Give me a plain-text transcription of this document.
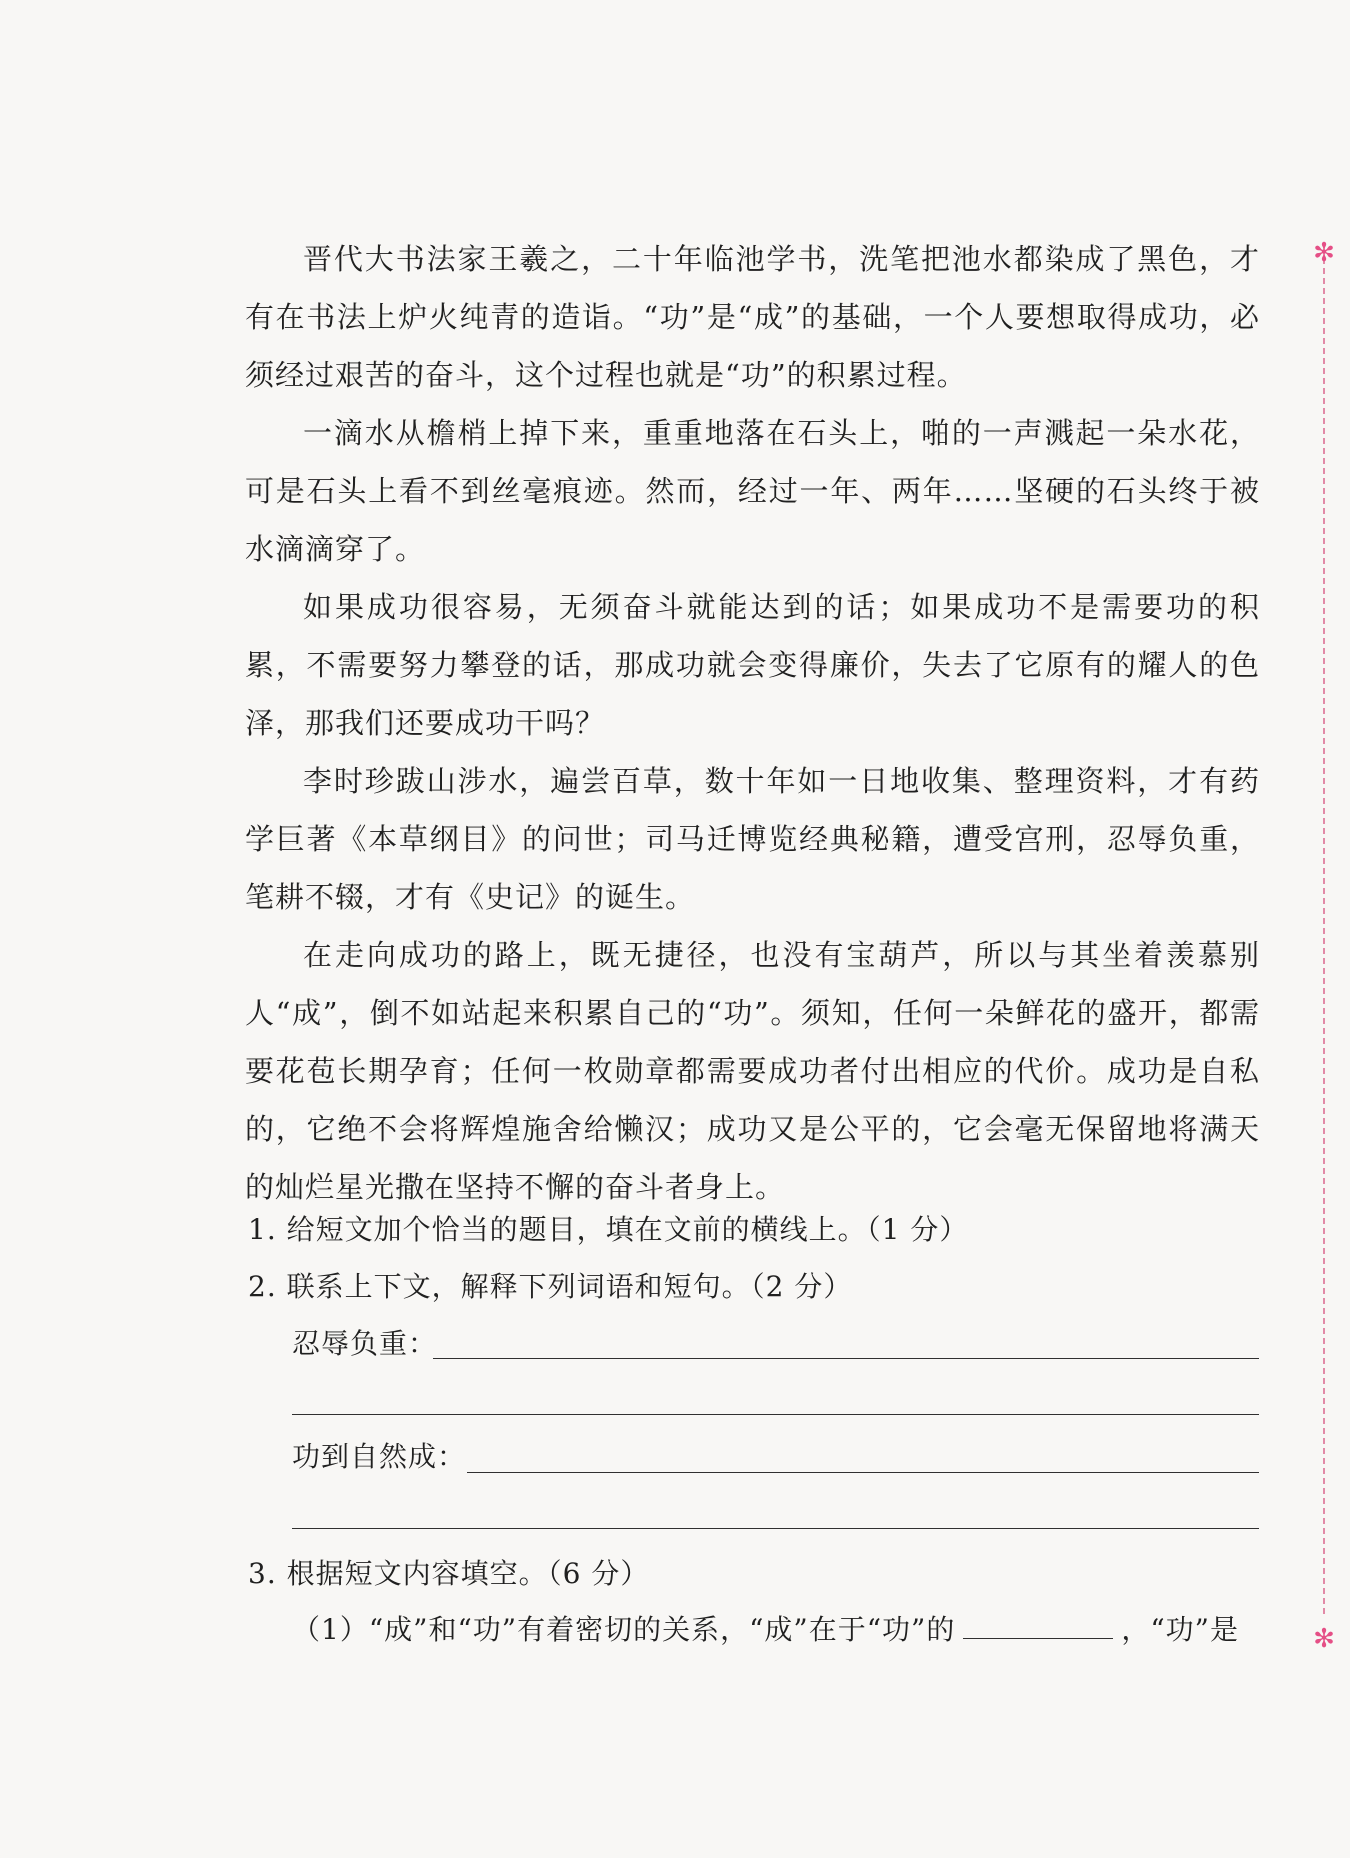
晋代大书法家王羲之，二十年临池学书，洗笔把池水都染成了黑色，才有在书法上炉火纯青的造诣。“功”是“成”的基础，一个人要想取得成功，必须经过艰苦的奋斗，这个过程也就是“功”的积累过程。

一滴水从檐梢上掉下来，重重地落在石头上，啪的一声溅起一朵水花，可是石头上看不到丝毫痕迹。然而，经过一年、两年……坚硬的石头终于被水滴滴穿了。

如果成功很容易，无须奋斗就能达到的话；如果成功不是需要功的积累，不需要努力攀登的话，那成功就会变得廉价，失去了它原有的耀人的色泽，那我们还要成功干吗？

李时珍跋山涉水，遍尝百草，数十年如一日地收集、整理资料，才有药学巨著《本草纲目》的问世；司马迁博览经典秘籍，遭受宫刑，忍辱负重，笔耕不辍，才有《史记》的诞生。

在走向成功的路上，既无捷径，也没有宝葫芦，所以与其坐着羡慕别人“成”，倒不如站起来积累自己的“功”。须知，任何一朵鲜花的盛开，都需要花苞长期孕育；任何一枚勋章都需要成功者付出相应的代价。成功是自私的，它绝不会将辉煌施舍给懒汉；成功又是公平的，它会毫无保留地将满天的灿烂星光撒在坚持不懈的奋斗者身上。

1. 给短文加个恰当的题目，填在文前的横线上。（1 分）
2. 联系上下文，解释下列词语和短句。（2 分）
忍辱负重：
功到自然成：
3. 根据短文内容填空。（6 分）
（1）“成”和“功”有着密切的关系，“成”在于“功”的	，“功”是
✻
✻
